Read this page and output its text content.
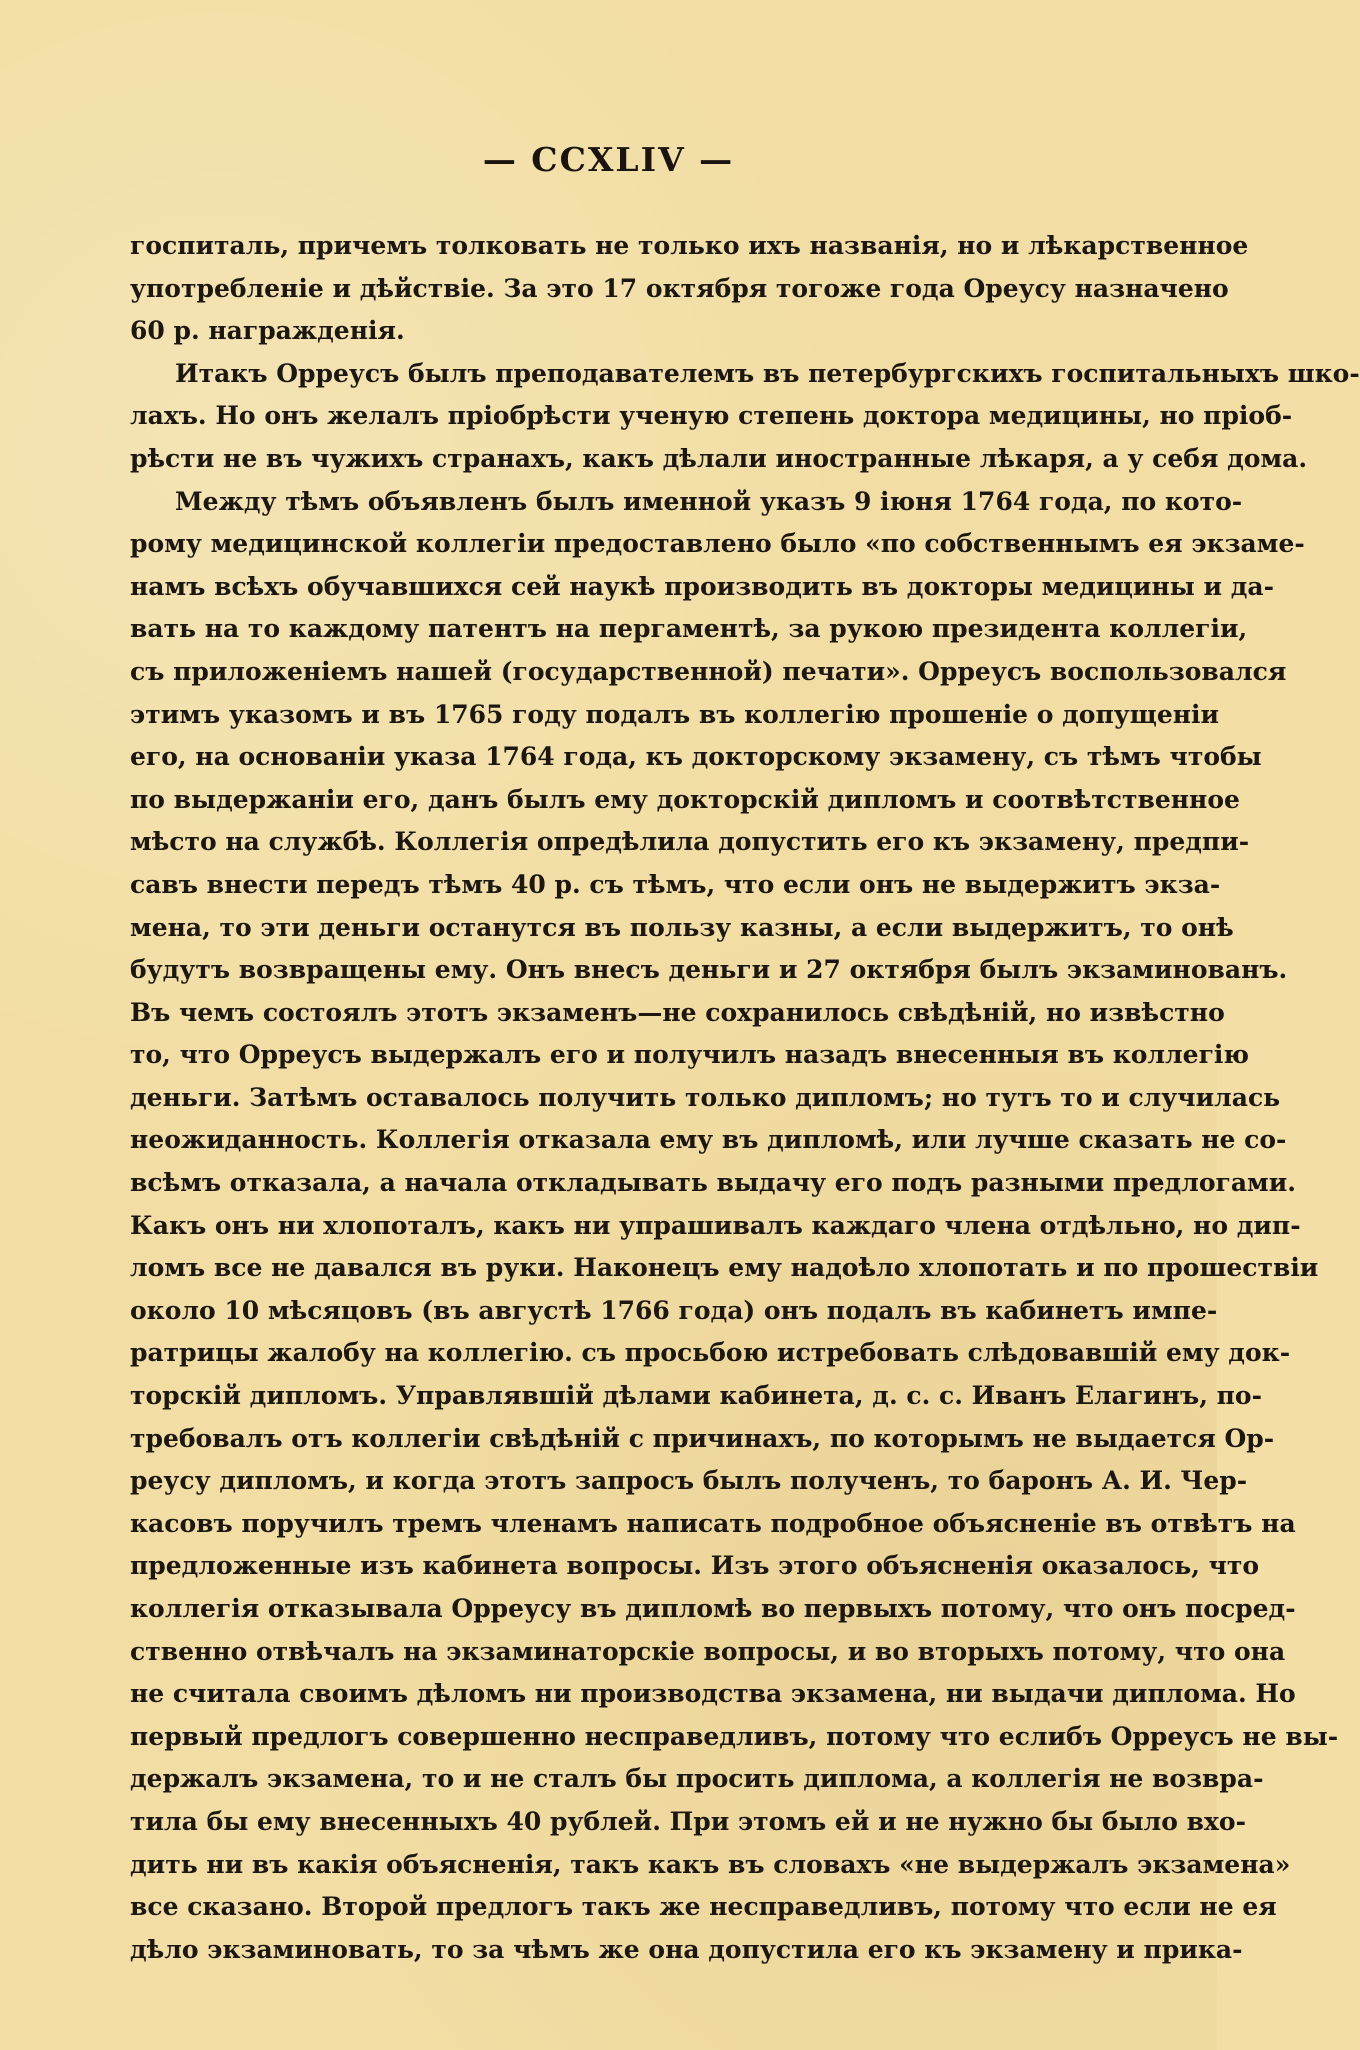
— CCXLIV —
госпиталь, причемъ толковать не только ихъ названія, но и лѣкарственное
употребленіе и дѣйствіе. За это 17 октября тогоже года Ореусу назначено
60 р. награжденія.
Итакъ Орреусъ былъ преподавателемъ въ петербургскихъ госпитальныхъ шко-
лахъ. Но онъ желалъ пріобрѣсти ученую степень доктора медицины, но пріоб-
рѣсти не въ чужихъ странахъ, какъ дѣлали иностранные лѣкаря, а у себя дома.
Между тѣмъ объявленъ былъ именной указъ 9 іюня 1764 года, по кото-
рому медицинской коллегіи предоставлено было «по собственнымъ ея экзаме-
намъ всѣхъ обучавшихся сей наукѣ производить въ докторы медицины и да-
вать на то каждому патентъ на пергаментѣ, за рукою президента коллегіи,
съ приложеніемъ нашей (государственной) печати». Орреусъ воспользовался
этимъ указомъ и въ 1765 году подалъ въ коллегію прошеніе о допущеніи
его, на основаніи указа 1764 года, къ докторскому экзамену, съ тѣмъ чтобы
по выдержаніи его, данъ былъ ему докторскій дипломъ и соотвѣтственное
мѣсто на службѣ. Коллегія опредѣлила допустить его къ экзамену, предпи-
савъ внести передъ тѣмъ 40 р. съ тѣмъ, что если онъ не выдержитъ экза-
мена, то эти деньги останутся въ пользу казны, а если выдержитъ, то онѣ
будутъ возвращены ему. Онъ внесъ деньги и 27 октября былъ экзаминованъ.
Въ чемъ состоялъ этотъ экзаменъ—не сохранилось свѣдѣній, но извѣстно
то, что Орреусъ выдержалъ его и получилъ назадъ внесенныя въ коллегію
деньги. Затѣмъ оставалось получить только дипломъ; но тутъ то и случилась
неожиданность. Коллегія отказала ему въ дипломѣ, или лучше сказать не со-
всѣмъ отказала, а начала откладывать выдачу его подъ разными предлогами.
Какъ онъ ни хлопоталъ, какъ ни упрашивалъ каждаго члена отдѣльно, но дип-
ломъ все не давался въ руки. Наконецъ ему надоѣло хлопотать и по прошествіи
около 10 мѣсяцовъ (въ августѣ 1766 года) онъ подалъ въ кабинетъ импе-
ратрицы жалобу на коллегію. съ просьбою истребовать слѣдовавшій ему док-
торскій дипломъ. Управлявшій дѣлами кабинета, д. с. с. Иванъ Елагинъ, по-
требовалъ отъ коллегіи свѣдѣній с причинахъ, по которымъ не выдается Ор-
реусу дипломъ, и когда этотъ запросъ былъ полученъ, то баронъ А. И. Чер-
касовъ поручилъ тремъ членамъ написать подробное объясненіе въ отвѣтъ на
предложенные изъ кабинета вопросы. Изъ этого объясненія оказалось, что
коллегія отказывала Орреусу въ дипломѣ во первыхъ потому, что онъ посред-
ственно отвѣчалъ на экзаминаторскіе вопросы, и во вторыхъ потому, что она
не считала своимъ дѣломъ ни производства экзамена, ни выдачи диплома. Но
первый предлогъ совершенно несправедливъ, потому что еслибъ Орреусъ не вы-
держалъ экзамена, то и не сталъ бы просить диплома, а коллегія не возвра-
тила бы ему внесенныхъ 40 рублей. При этомъ ей и не нужно бы было вхо-
дить ни въ какія объясненія, такъ какъ въ словахъ «не выдержалъ экзамена»
все сказано. Второй предлогъ такъ же несправедливъ, потому что если не ея
дѣло экзаминовать, то за чѣмъ же она допустила его къ экзамену и прика-
